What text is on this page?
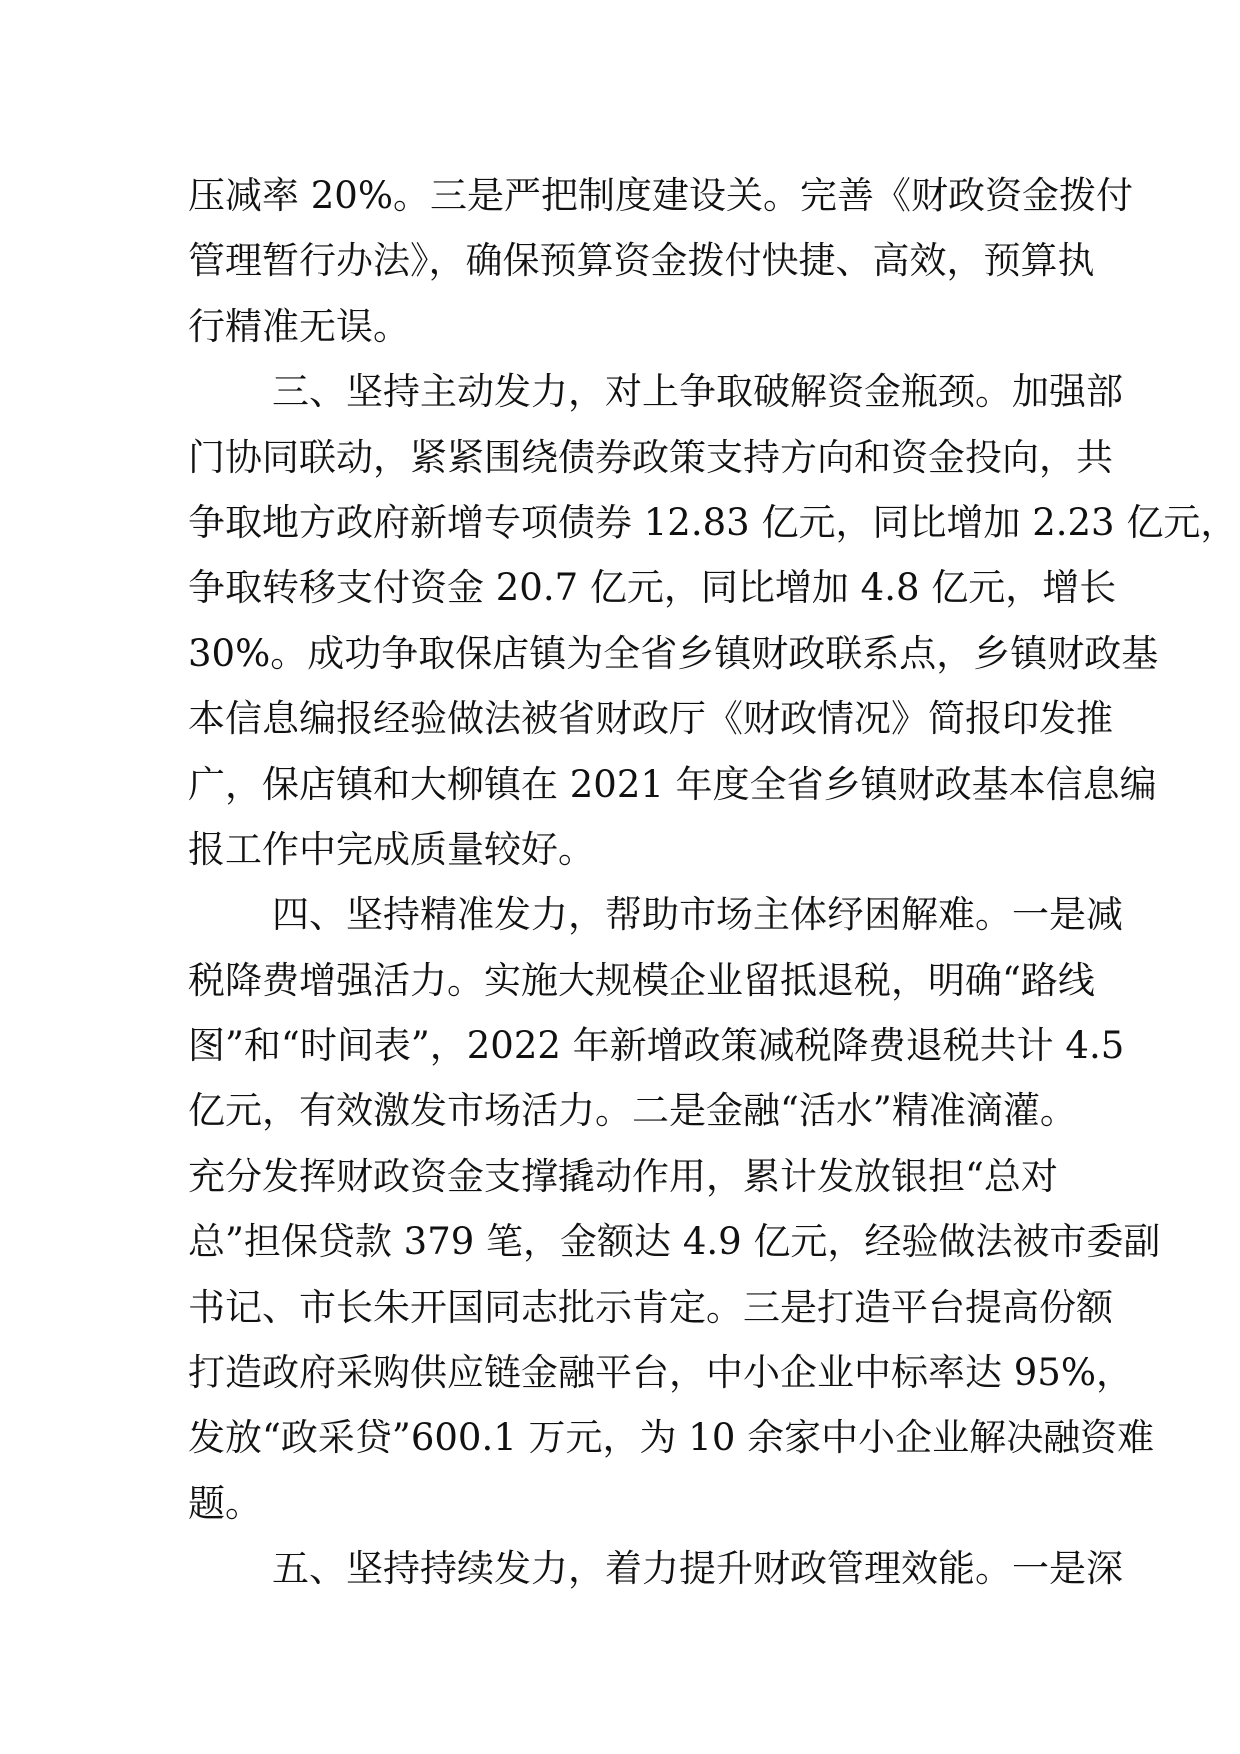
压减率 20%。三是严把制度建设关。完善《财政资金拨付
管理暂行办法》，确保预算资金拨付快捷、高效，预算执
行精准无误。
三、坚持主动发力，对上争取破解资金瓶颈。加强部
门协同联动，紧紧围绕债券政策支持方向和资金投向，共
争取地方政府新增专项债券 12.83 亿元，同比增加 2.23 亿元，
争取转移支付资金 20.7 亿元，同比增加 4.8 亿元，增长
30%。成功争取保店镇为全省乡镇财政联系点，乡镇财政基
本信息编报经验做法被省财政厅《财政情况》简报印发推
广，保店镇和大柳镇在 2021 年度全省乡镇财政基本信息编
报工作中完成质量较好。
四、坚持精准发力，帮助市场主体纾困解难。一是减
税降费增强活力。实施大规模企业留抵退税，明确“路线
图”和“时间表”，2022 年新增政策减税降费退税共计 4.5
亿元，有效激发市场活力。二是金融“活水”精准滴灌。
充分发挥财政资金支撑撬动作用，累计发放银担“总对
总”担保贷款 379 笔，金额达 4.9 亿元，经验做法被市委副
书记、市长朱开国同志批示肯定。三是打造平台提高份额
打造政府采购供应链金融平台，中小企业中标率达 95%，
发放“政采贷”600.1 万元，为 10 余家中小企业解决融资难
题。
五、坚持持续发力，着力提升财政管理效能。一是深
